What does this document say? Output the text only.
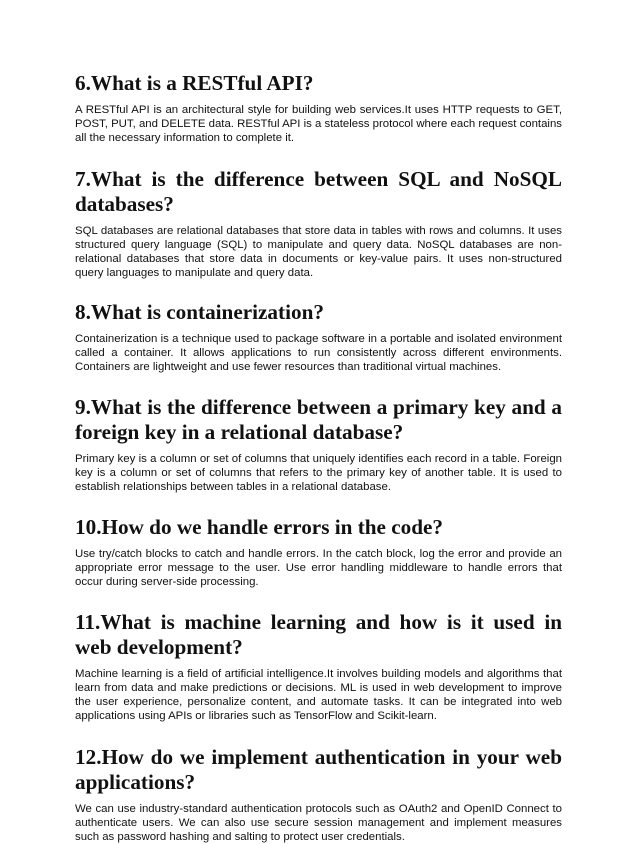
6.What is a RESTful API?

A RESTful API is an architectural style for building web services.It uses HTTP requests to GET, POST, PUT, and DELETE data. RESTful API is a stateless protocol where each request contains all the necessary information to complete it.

7.What is the difference between SQL and NoSQL databases?

SQL databases are relational databases that store data in tables with rows and columns. It uses structured query language (SQL) to manipulate and query data. NoSQL databases are non-relational databases that store data in documents or key-value pairs. It uses non-structured query languages to manipulate and query data.

8.What is containerization?

Containerization is a technique used to package software in a portable and isolated environment called a container. It allows applications to run consistently across different environments. Containers are lightweight and use fewer resources than traditional virtual machines.

9.What is the difference between a primary key and a foreign key in a relational database?

Primary key is a column or set of columns that uniquely identifies each record in a table. Foreign key is a column or set of columns that refers to the primary key of another table. It is used to establish relationships between tables in a relational database.

10.How do we handle errors in the code?

Use try/catch blocks to catch and handle errors. In the catch block, log the error and provide an appropriate error message to the user. Use error handling middleware to handle errors that occur during server-side processing.

11.What is machine learning and how is it used in web development?

Machine learning is a field of artificial intelligence.It involves building models and algorithms that learn from data and make predictions or decisions. ML is used in web development to improve the user experience, personalize content, and automate tasks. It can be integrated into web applications using APIs or libraries such as TensorFlow and Scikit-learn.

12.How do we implement authentication in your web applications?

We can use industry-standard authentication protocols such as OAuth2 and OpenID Connect to authenticate users. We can also use secure session management and implement measures such as password hashing and salting to protect user credentials.
